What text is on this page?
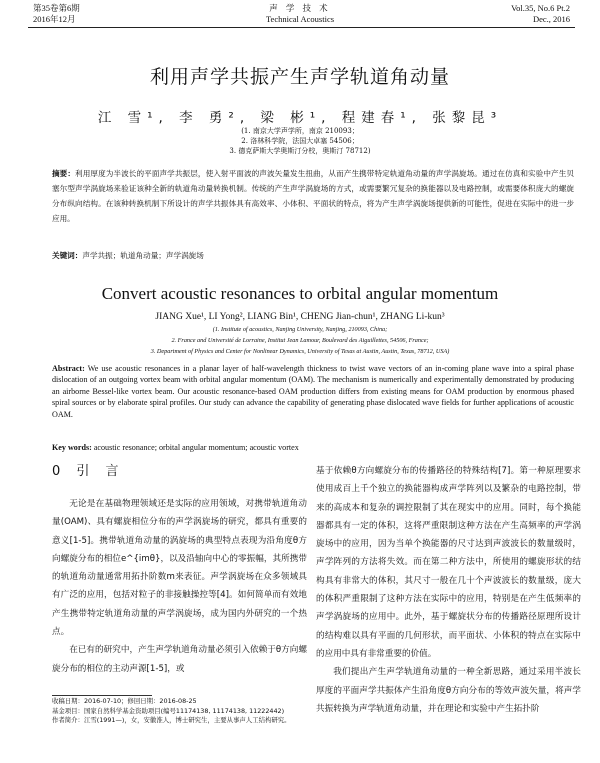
第35卷第6期
2016年12月
声 学 技 术
Technical Acoustics
Vol.35, No.6 Pt.2
Dec., 2016
利用声学共振产生声学轨道角动量
江 雪¹, 李 勇², 梁 彬¹, 程建春¹, 张黎昆³
(1. 南京大学声学所，南京 210093；
2. 洛林科学院，法国大卓塞 54506；
3. 德克萨斯大学奥斯汀分校，奥斯汀 78712)
摘要：利用厚度为半波长的平面声学共振层，使入射平面波的声波矢量发生扭曲，从而产生携带特定轨道角动量的声学涡旋场。通过在仿真和实验中产生贝塞尔型声学涡旋场来验证该种全新的轨道角动量转换机制。传统的产生声学涡旋场的方式，或需要繁冗复杂的换能器以及电路控制，或需要体积庞大的螺旋分布纵向结构。在该种转换机制下所设计的声学共振体具有高效率、小体积、平面状的特点，将为产生声学涡旋场提供新的可能性，促进在实际中的进一步应用。
关键词：声学共振；轨道角动量；声学涡旋场
Convert acoustic resonances to orbital angular momentum
JIANG Xue¹, LI Yong², LIANG Bin¹, CHENG Jian-chun¹, ZHANG Li-kun³
(1. Institute of acoustics, Nanjing University, Nanjing, 210093, China;
2. France and Université de Lorraine, Institut Jean Lamour, Boulevard des Aiguillettes, 54506, France;
3. Department of Physics and Center for Nonlinear Dynamics, University of Texas at Austin, Austin, Texas, 78712, USA)
Abstract: We use acoustic resonances in a planar layer of half-wavelength thickness to twist wave vectors of an in-coming plane wave into a spiral phase dislocation of an outgoing vortex beam with orbital angular momentum (OAM). The mechanism is numerically and experimentally demonstrated by producing an airborne Bessel-like vortex beam. Our acoustic resonance-based OAM production differs from existing means for OAM production by enormous phased spiral sources or by elaborate spiral profiles. Our study can advance the capability of generating phase dislocated wave fields for further applications of acoustic OAM.
Key words: acoustic resonance; orbital angular momentum; acoustic vortex
0 引 言

无论是在基础物理领域还是实际的应用领域，对携带轨道角动量(OAM)、具有螺旋相位分布的声学涡旋场的研究，都具有重要的意义[1-5]。携带轨道角动量的涡旋场的典型特点表现为沿角度θ方向螺旋分布的相位e^{imθ}，以及沿轴向中心的零振幅，其所携带的轨道角动量通常用拓扑阶数m来表征。声学涡旋场在众多领域具有广泛的应用，包括对粒子的非接触操控等[4]。如何简单而有效地产生携带特定轨道角动量的声学涡旋场，成为国内外研究的一个热点。

在已有的研究中，产生声学轨道角动量必须引入依赖于θ方向螺旋分布的相位的主动声源[1-5]，或

基于依赖θ方向螺旋分布的传播路径的特殊结构[7]。第一种原理要求使用成百上千个独立的换能器构成声学阵列以及繁杂的电路控制，带来的高成本和复杂的调控限制了其在现实中的应用。同时，每个换能器都具有一定的体积，这将严重限制这种方法在产生高频率的声学涡旋场中的应用，因为当单个换能器的尺寸达到声波波长的数量级时，声学阵列的方法将失效。而在第二种方法中，所使用的螺旋形状的结构具有非常大的体积，其尺寸一般在几十个声波波长的数量级，庞大的体积严重限制了这种方法在实际中的应用，特别是在产生低频率的声学涡旋场的应用中。此外，基于螺旋状分布的传播路径原理所设计的结构难以具有平面的几何形状，而平面状、小体积的特点在实际中的应用中具有非常重要的价值。

我们提出产生声学轨道角动量的一种全新思路，通过采用半波长厚度的平面声学共振体产生沿角度θ方向分布的等效声波矢量，将声学共振转换为声学轨道角动量，并在理论和实验中产生拓扑阶

收稿日期：2016-07-10；修回日期：2016-08-25
基金项目：国家自然科学基金资助项目(编号11174138, 11174138, 11222442)
作者简介：江雪(1991—)，女，安徽淮人，博士研究生，主要从事声人工结构研究。
